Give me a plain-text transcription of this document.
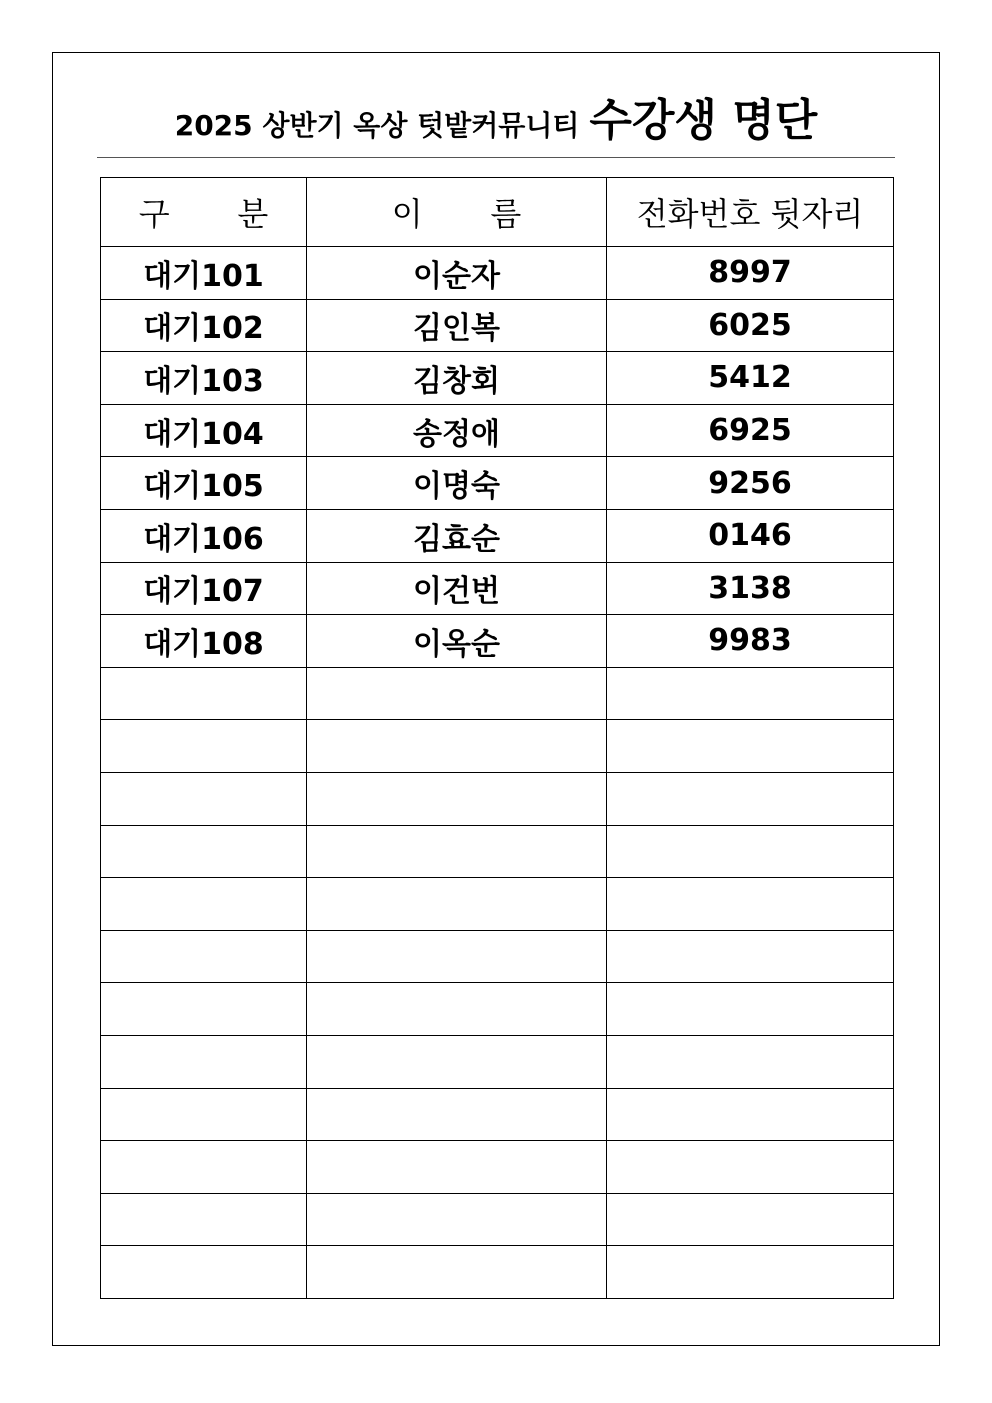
2025 상반기 옥상 텃밭커뮤니티 수강생 명단
구 분	이 름	전화번호 뒷자리
대기101	이순자	8997
대기102	김인복	6025
대기103	김창회	5412
대기104	송정애	6925
대기105	이명숙	9256
대기106	김효순	0146
대기107	이건번	3138
대기108	이옥순	9983
